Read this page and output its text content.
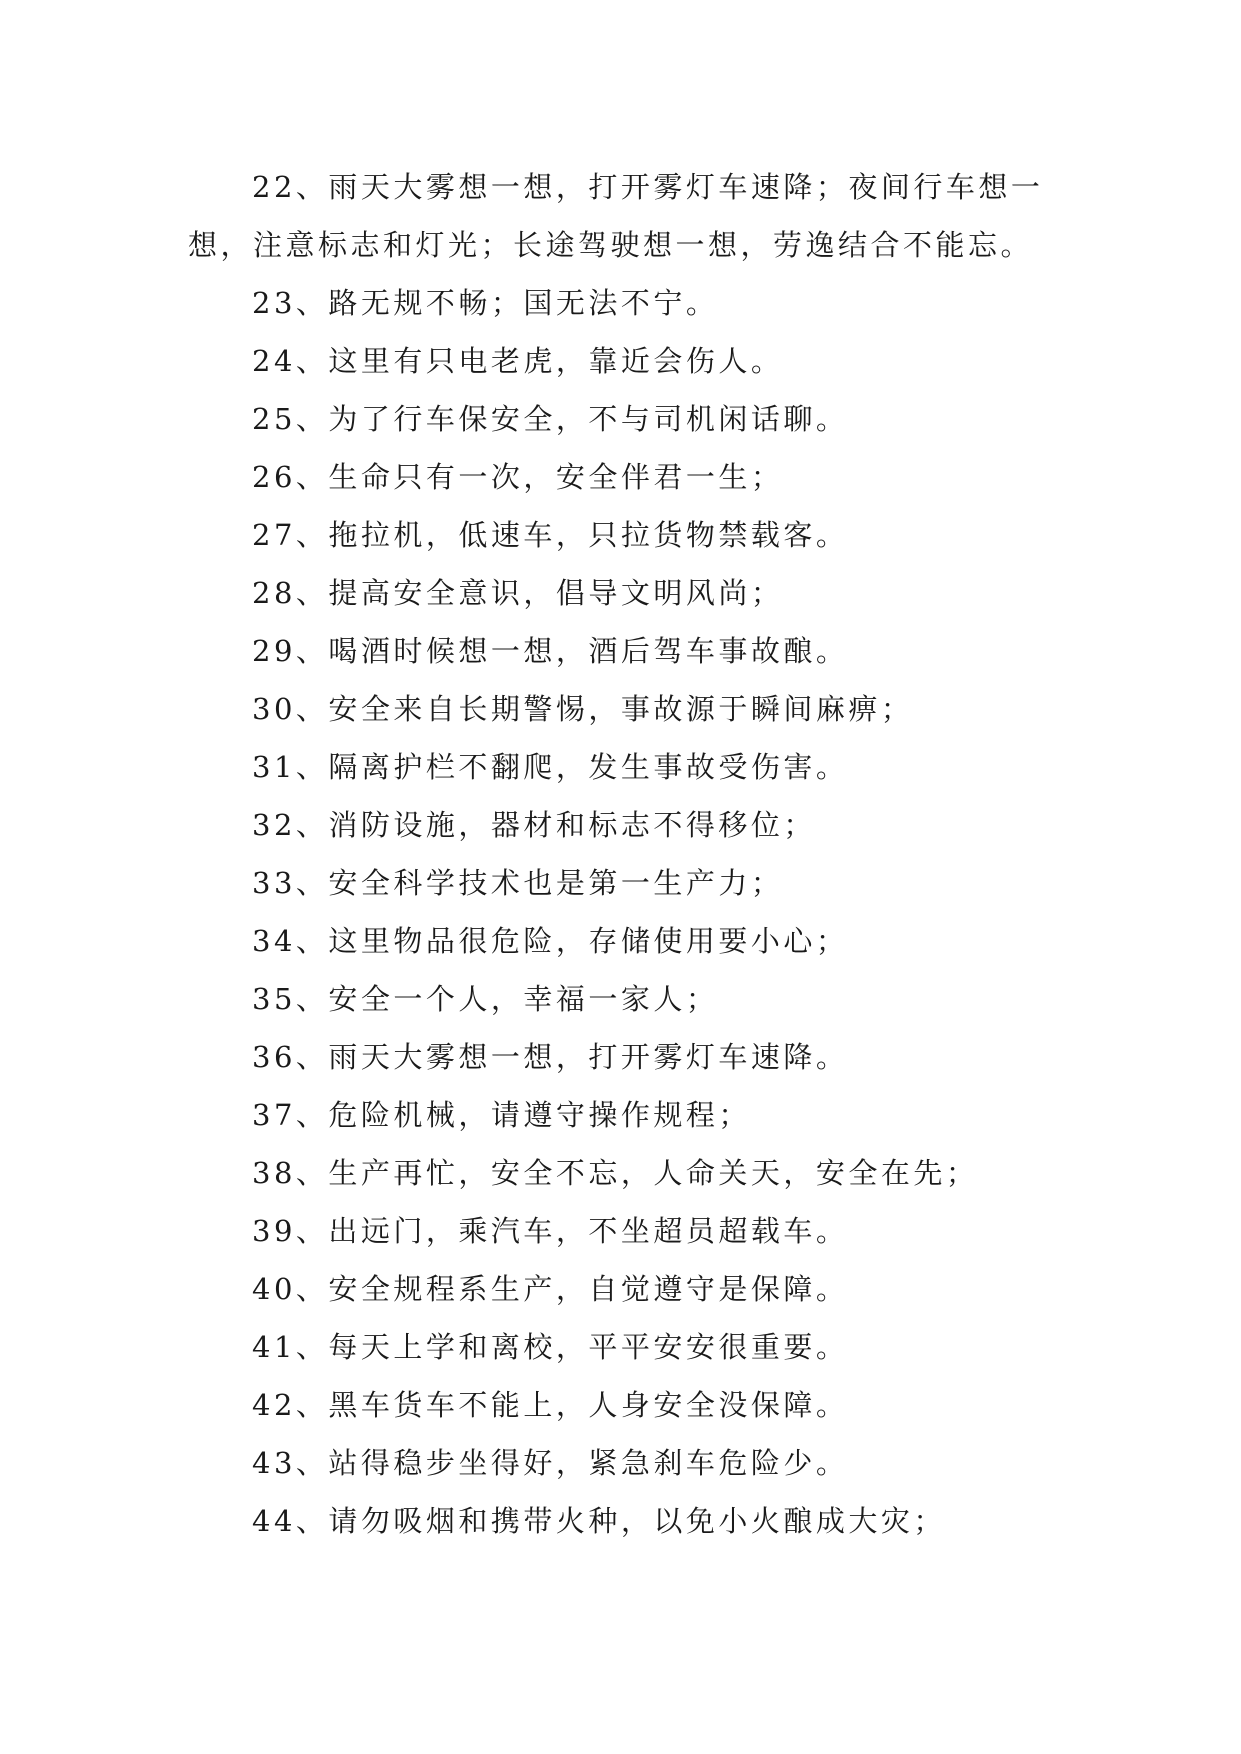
22、雨天大雾想一想，打开雾灯车速降；夜间行车想一想，注意标志和灯光；长途驾驶想一想，劳逸结合不能忘。

23、路无规不畅；国无法不宁。

24、这里有只电老虎，靠近会伤人。

25、为了行车保安全，不与司机闲话聊。

26、生命只有一次，安全伴君一生；

27、拖拉机，低速车，只拉货物禁载客。

28、提高安全意识，倡导文明风尚；

29、喝酒时候想一想，酒后驾车事故酿。

30、安全来自长期警惕，事故源于瞬间麻痹；

31、隔离护栏不翻爬，发生事故受伤害。

32、消防设施，器材和标志不得移位；

33、安全科学技术也是第一生产力；

34、这里物品很危险，存储使用要小心；

35、安全一个人，幸福一家人；

36、雨天大雾想一想，打开雾灯车速降。

37、危险机械，请遵守操作规程；

38、生产再忙，安全不忘，人命关天，安全在先；

39、出远门，乘汽车，不坐超员超载车。

40、安全规程系生产，自觉遵守是保障。

41、每天上学和离校，平平安安很重要。

42、黑车货车不能上，人身安全没保障。

43、站得稳步坐得好，紧急刹车危险少。

44、请勿吸烟和携带火种，以免小火酿成大灾；
